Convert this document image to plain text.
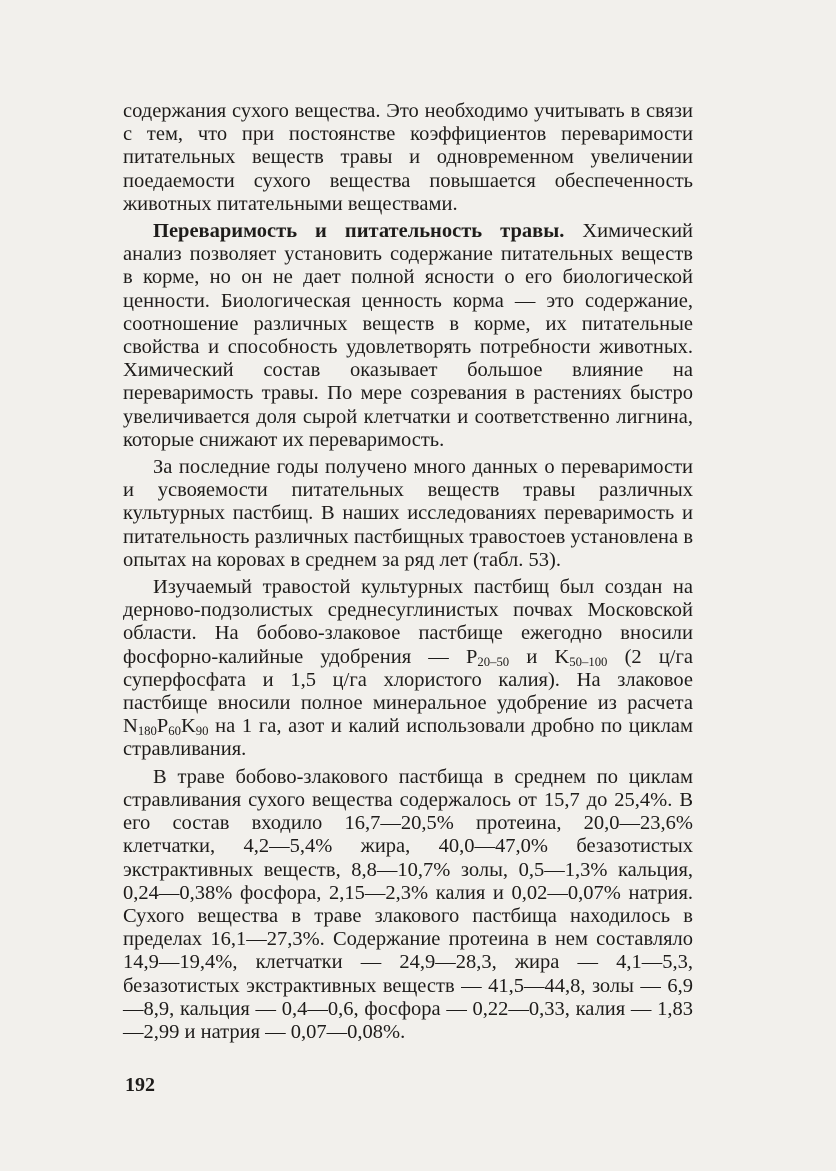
содержания сухого вещества. Это необходимо учитывать в связи с тем, что при постоянстве коэффициентов переваримости питательных веществ травы и одновременном увеличении поедаемости сухого вещества повышается обеспеченность животных питательными веществами.

Переваримость и питательность травы. Химический анализ позволяет установить содержание питательных веществ в корме, но он не дает полной ясности о его биологической ценности. Биологическая ценность корма — это содержание, соотношение различных веществ в корме, их питательные свойства и способность удовлетворять потребности животных. Химический состав оказывает большое влияние на переваримость травы. По мере созревания в растениях быстро увеличивается доля сырой клетчатки и соответственно лигнина, которые снижают их переваримость.

За последние годы получено много данных о переваримости и усвояемости питательных веществ травы различных культурных пастбищ. В наших исследованиях переваримость и питательность различных пастбищных травостоев установлена в опытах на коровах в среднем за ряд лет (табл. 53).

Изучаемый травостой культурных пастбищ был создан на дерново-подзолистых среднесуглинистых почвах Московской области. На бобово-злаковое пастбище ежегодно вносили фосфорно-калийные удобрения — $P_{20-50}$ и $K_{50-100}$ (2 ц/га суперфосфата и 1,5 ц/га хлористого калия). На злаковое пастбище вносили полное минеральное удобрение из расчета $N_{180}P_{60}K_{90}$ на 1 га, азот и калий использовали дробно по циклам стравливания.

В траве бобово-злакового пастбища в среднем по циклам стравливания сухого вещества содержалось от 15,7 до 25,4%. В его состав входило 16,7—20,5% протеина, 20,0—23,6% клетчатки, 4,2—5,4% жира, 40,0—47,0% безазотистых экстрактивных веществ, 8,8—10,7% золы, 0,5—1,3% кальция, 0,24—0,38% фосфора, 2,15—2,3% калия и 0,02—0,07% натрия. Сухого вещества в траве злакового пастбища находилось в пределах 16,1—27,3%. Содержание протеина в нем составляло 14,9—19,4%, клетчатки — 24,9—28,3, жира — 4,1—5,3, безазотистых экстрактивных веществ — 41,5—44,8, золы — 6,9—8,9, кальция — 0,4—0,6, фосфора — 0,22—0,33, калия — 1,83—2,99 и натрия — 0,07—0,08%.

192
